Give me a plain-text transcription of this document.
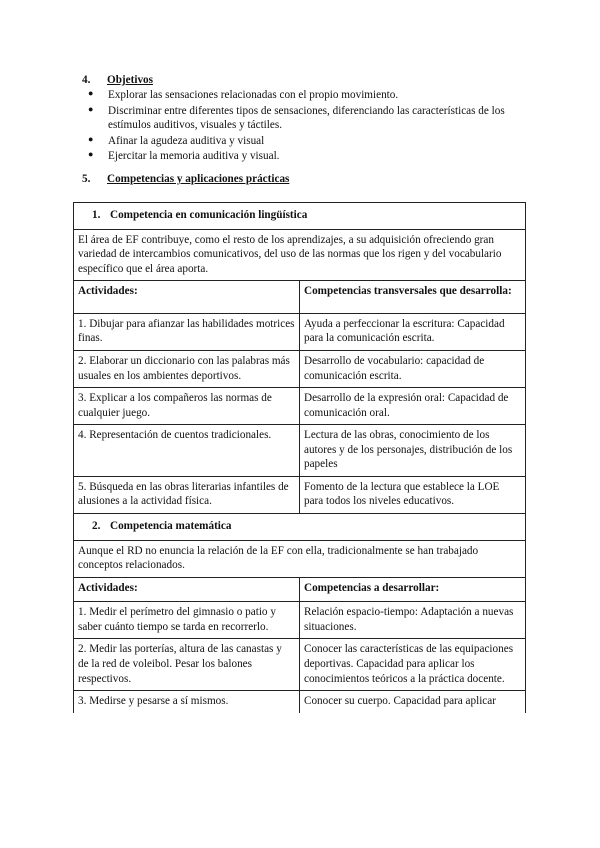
4. Objetivos
● Explorar las sensaciones relacionadas con el propio movimiento.
● Discriminar entre diferentes tipos de sensaciones, diferenciando las características de los estímulos auditivos, visuales y táctiles.
● Afinar la agudeza auditiva y visual
● Ejercitar la memoria auditiva y visual.
5. Competencias y aplicaciones prácticas
1. Competencia en comunicación lingüística	
El área de EF contribuye, como el resto de los aprendizajes, a su adquisición ofreciendo gran variedad de intercambios comunicativos, del uso de las normas que los rigen y del vocabulario específico que el área aporta.	
Actividades:	Competencias transversales que desarrolla:
1. Dibujar para afianzar las habilidades motrices finas.	Ayuda a perfeccionar la escritura: Capacidad para la comunicación escrita.
2. Elaborar un diccionario con las palabras más usuales en los ambientes deportivos.	Desarrollo de vocabulario: capacidad de comunicación escrita.
3. Explicar a los compañeros las normas de cualquier juego.	Desarrollo de la expresión oral: Capacidad de comunicación oral.
4. Representación de cuentos tradicionales.	Lectura de las obras, conocimiento de los autores y de los personajes, distribución de los papeles
5. Búsqueda en las obras literarias infantiles de alusiones a la actividad física.	Fomento de la lectura que establece la LOE para todos los niveles educativos.
2. Competencia matemática	
Aunque el RD no enuncia la relación de la EF con ella, tradicionalmente se han trabajado conceptos relacionados.	
Actividades:	Competencias a desarrollar:
1. Medir el perímetro del gimnasio o patio y saber cuánto tiempo se tarda en recorrerlo.	Relación espacio-tiempo: Adaptación a nuevas situaciones.
2. Medir las porterías, altura de las canastas y de la red de voleibol. Pesar los balones respectivos.	Conocer las características de las equipaciones deportivas. Capacidad para aplicar los conocimientos teóricos a la práctica docente.
3. Medirse y pesarse a sí mismos.	Conocer su cuerpo. Capacidad para aplicar
